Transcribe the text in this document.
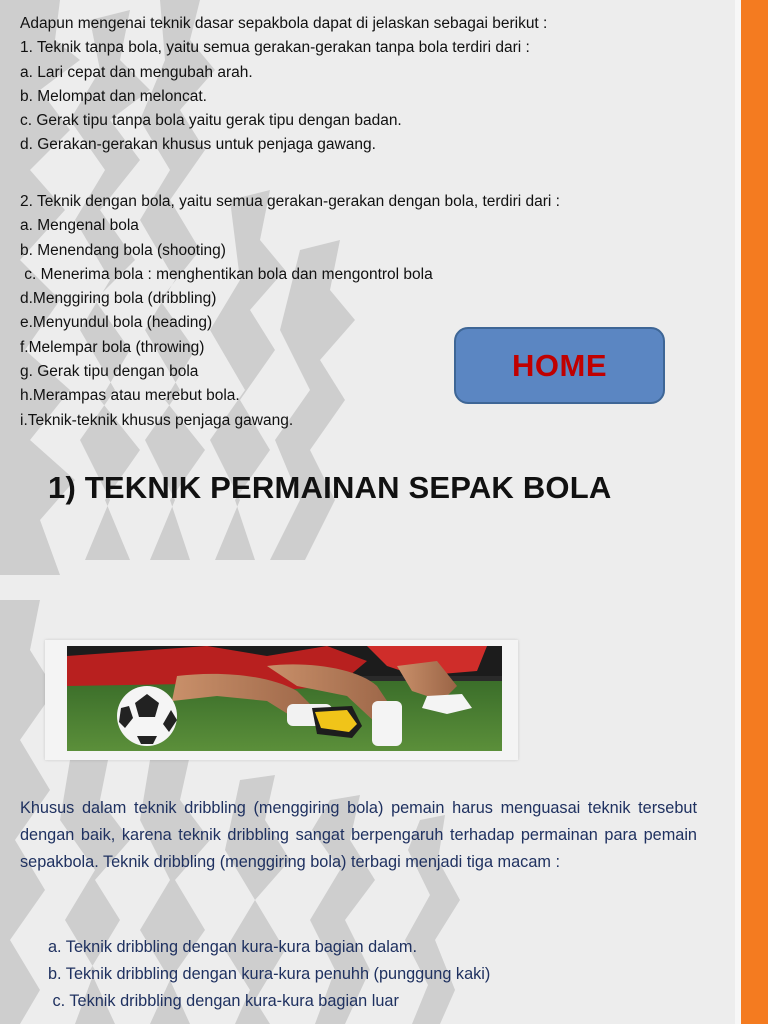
Adapun mengenai teknik dasar sepakbola dapat di jelaskan sebagai berikut :
1. Teknik tanpa bola, yaitu semua gerakan-gerakan tanpa bola terdiri dari :
a. Lari cepat dan mengubah arah.
b. Melompat dan meloncat.
c. Gerak tipu tanpa bola yaitu gerak tipu dengan badan.
d. Gerakan-gerakan khusus untuk penjaga gawang.
2. Teknik dengan bola, yaitu semua gerakan-gerakan dengan bola, terdiri dari :
a. Mengenal bola
b. Menendang bola (shooting)
c. Menerima bola : menghentikan bola dan mengontrol bola
d.Menggiring bola (dribbling)
e.Menyundul bola (heading)
f.Melempar bola (throwing)
g. Gerak tipu dengan bola
h.Merampas atau merebut bola.
i.Teknik-teknik khusus penjaga gawang.
HOME
1) TEKNIK PERMAINAN SEPAK BOLA
Khusus dalam teknik dribbling (menggiring bola) pemain harus menguasai teknik tersebut dengan baik, karena teknik dribbling sangat berpengaruh terhadap permainan para pemain sepakbola. Teknik dribbling (menggiring bola) terbagi menjadi tiga macam :
a. Teknik dribbling dengan kura-kura bagian dalam.
b. Teknik dribbling dengan kura-kura penuhh (punggung kaki)
c. Teknik dribbling dengan kura-kura bagian luar
